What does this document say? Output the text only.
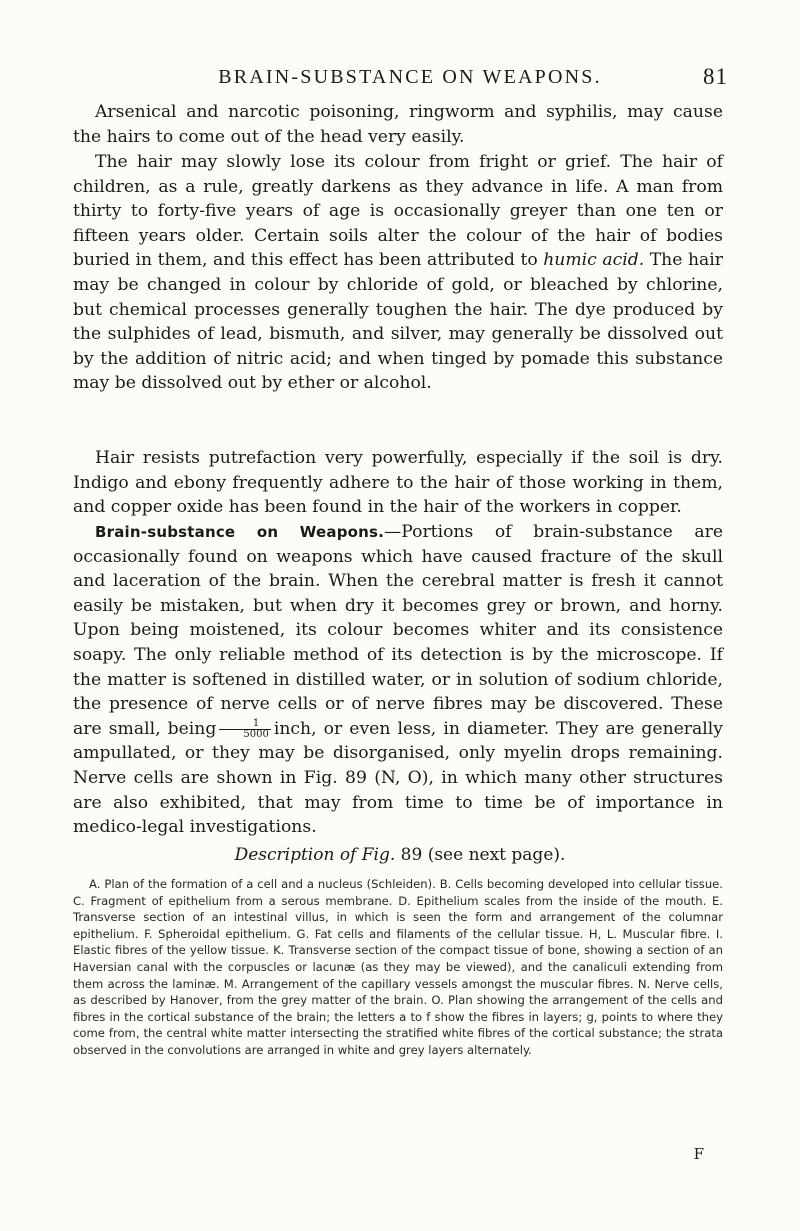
BRAIN-SUBSTANCE ON WEAPONS.	81

Arsenical and narcotic poisoning, ringworm and syphilis, may cause the hairs to come out of the head very easily.

The hair may slowly lose its colour from fright or grief. The hair of children, as a rule, greatly darkens as they advance in life. A man from thirty to forty-five years of age is occasionally greyer than one ten or fifteen years older. Certain soils alter the colour of the hair of bodies buried in them, and this effect has been attributed to humic acid. The hair may be changed in colour by chloride of gold, or bleached by chlorine, but chemical processes generally toughen the hair. The dye produced by the sulphides of lead, bismuth, and silver, may generally be dissolved out by the addition of nitric acid; and when tinged by pomade this substance may be dissolved out by ether or alcohol.

Hair resists putrefaction very powerfully, especially if the soil is dry. Indigo and ebony frequently adhere to the hair of those working in them, and copper oxide has been found in the hair of the workers in copper.

Brain-substance on Weapons.—Portions of brain-substance are occasionally found on weapons which have caused fracture of the skull and laceration of the brain. When the cerebral matter is fresh it cannot easily be mistaken, but when dry it becomes grey or brown, and horny. Upon being moistened, its colour becomes whiter and its consistence soapy. The only reliable method of its detection is by the microscope. If the matter is softened in distilled water, or in solution of sodium chloride, the presence of nerve cells or of nerve fibres may be discovered. These are small, being $\frac{1}{5000}$ inch, or even less, in diameter. They are generally ampullated, or they may be disorganised, only myelin drops remaining. Nerve cells are shown in Fig. 89 (N, O), in which many other structures are also exhibited, that may from time to time be of importance in medico-legal investigations.

Description of Fig. 89 (see next page).

A. Plan of the formation of a cell and a nucleus (Schleiden). B. Cells becoming developed into cellular tissue. C. Fragment of epithelium from a serous membrane. D. Epithelium scales from the inside of the mouth. E. Transverse section of an intestinal villus, in which is seen the form and arrangement of the columnar epithelium. F. Spheroidal epithelium. G. Fat cells and filaments of the cellular tissue. H, L. Muscular fibre. I. Elastic fibres of the yellow tissue. K. Transverse section of the compact tissue of bone, showing a section of an Haversian canal with the corpuscles or lacunæ (as they may be viewed), and the canaliculi extending from them across the laminæ. M. Arrangement of the capillary vessels amongst the muscular fibres. N. Nerve cells, as described by Hanover, from the grey matter of the brain. O. Plan showing the arrangement of the cells and fibres in the cortical substance of the brain; the letters a to f show the fibres in layers; g, points to where they come from, the central white matter intersecting the stratified white fibres of the cortical substance; the strata observed in the convolutions are arranged in white and grey layers alternately.

F
